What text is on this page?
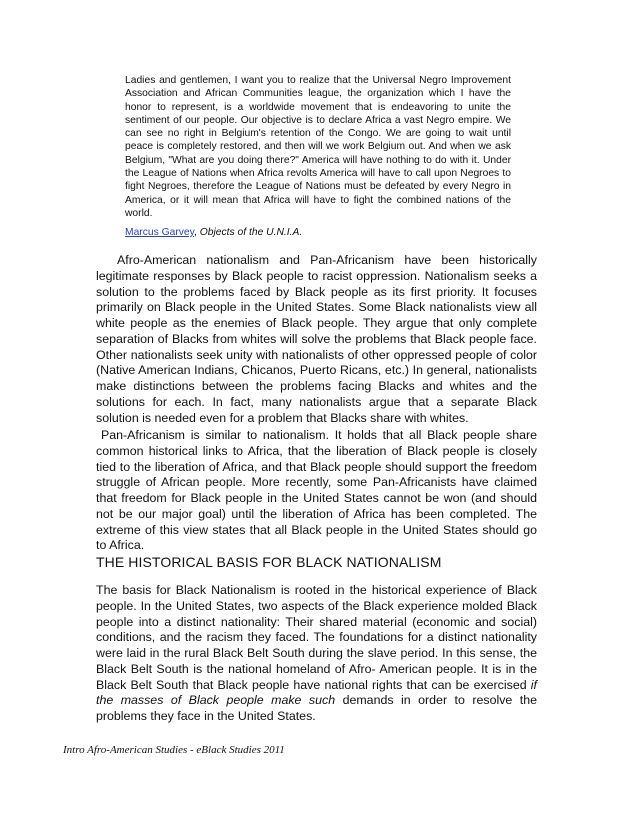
Ladies and gentlemen, I want you to realize that the Universal Negro Improvement Association and African Communities league, the organization which I have the honor to represent, is a worldwide movement that is endeavoring to unite the sentiment of our people. Our objective is to declare Africa a vast Negro empire. We can see no right in Belgium's retention of the Congo. We are going to wait until peace is completely restored, and then will we work Belgium out. And when we ask Belgium, "What are you doing there?" America will have nothing to do with it. Under the League of Nations when Africa revolts America will have to call upon Negroes to fight Negroes, therefore the League of Nations must be defeated by every Negro in America, or it will mean that Africa will have to fight the combined nations of the world.

Marcus Garvey, Objects of the U.N.I.A.

Afro-American nationalism and Pan-Africanism have been historically legitimate responses by Black people to racist oppression. Nationalism seeks a solution to the problems faced by Black people as its first priority. It focuses primarily on Black people in the United States. Some Black nationalists view all white people as the enemies of Black people. They argue that only complete separation of Blacks from whites will solve the problems that Black people face. Other nationalists seek unity with nationalists of other oppressed people of color (Native American Indians, Chicanos, Puerto Ricans, etc.) In general, nationalists make distinctions between the problems facing Blacks and whites and the solutions for each. In fact, many nationalists argue that a separate Black solution is needed even for a problem that Blacks share with whites.

Pan-Africanism is similar to nationalism. It holds that all Black people share common historical links to Africa, that the liberation of Black people is closely tied to the liberation of Africa, and that Black people should support the freedom struggle of African people. More recently, some Pan-Africanists have claimed that freedom for Black people in the United States cannot be won (and should not be our major goal) until the liberation of Africa has been completed. The extreme of this view states that all Black people in the United States should go to Africa.

THE HISTORICAL BASIS FOR BLACK NATIONALISM

The basis for Black Nationalism is rooted in the historical experience of Black people. In the United States, two aspects of the Black experience molded Black people into a distinct nationality: Their shared material (economic and social) conditions, and the racism they faced. The foundations for a distinct nationality were laid in the rural Black Belt South during the slave period. In this sense, the Black Belt South is the national homeland of Afro- American people. It is in the Black Belt South that Black people have national rights that can be exercised if the masses of Black people make such demands in order to resolve the problems they face in the United States.

Intro Afro-American Studies - eBlack Studies 2011
